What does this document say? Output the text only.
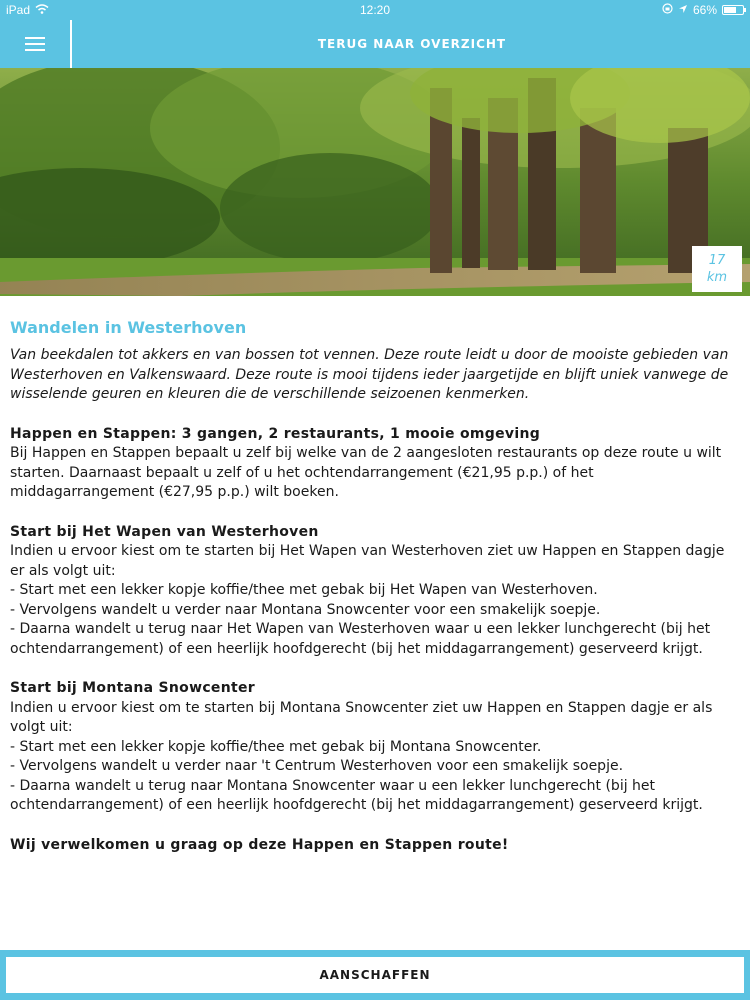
iPad	12:20	66%
TERUG NAAR OVERZICHT
17
km
Wandelen in Westerhoven

Van beekdalen tot akkers en van bossen tot vennen. Deze route leidt u door de mooiste gebieden van Westerhoven en Valkenswaard. Deze route is mooi tijdens ieder jaargetijde en blijft uniek vanwege de wisselende geuren en kleuren die de verschillende seizoenen kenmerken.

Happen en Stappen: 3 gangen, 2 restaurants, 1 mooie omgeving

Bij Happen en Stappen bepaalt u zelf bij welke van de 2 aangesloten restaurants op deze route u wilt starten. Daarnaast bepaalt u zelf of u het ochtendarrangement (€21,95 p.p.) of het middagarrangement (€27,95 p.p.) wilt boeken.

Start bij Het Wapen van Westerhoven

Indien u ervoor kiest om te starten bij Het Wapen van Westerhoven ziet uw Happen en Stappen dagje er als volgt uit:

- Start met een lekker kopje koffie/thee met gebak bij Het Wapen van Westerhoven.

- Vervolgens wandelt u verder naar Montana Snowcenter voor een smakelijk soepje.

- Daarna wandelt u terug naar Het Wapen van Westerhoven waar u een lekker lunchgerecht (bij het ochtendarrangement) of een heerlijk hoofdgerecht (bij het middagarrangement) geserveerd krijgt.

Start bij Montana Snowcenter

Indien u ervoor kiest om te starten bij Montana Snowcenter ziet uw Happen en Stappen dagje er als volgt uit:

- Start met een lekker kopje koffie/thee met gebak bij Montana Snowcenter.

- Vervolgens wandelt u verder naar 't Centrum Westerhoven voor een smakelijk soepje.

- Daarna wandelt u terug naar Montana Snowcenter waar u een lekker lunchgerecht (bij het ochtendarrangement) of een heerlijk hoofdgerecht (bij het middagarrangement) geserveerd krijgt.

Wij verwelkomen u graag op deze Happen en Stappen route!

AANSCHAFFEN
